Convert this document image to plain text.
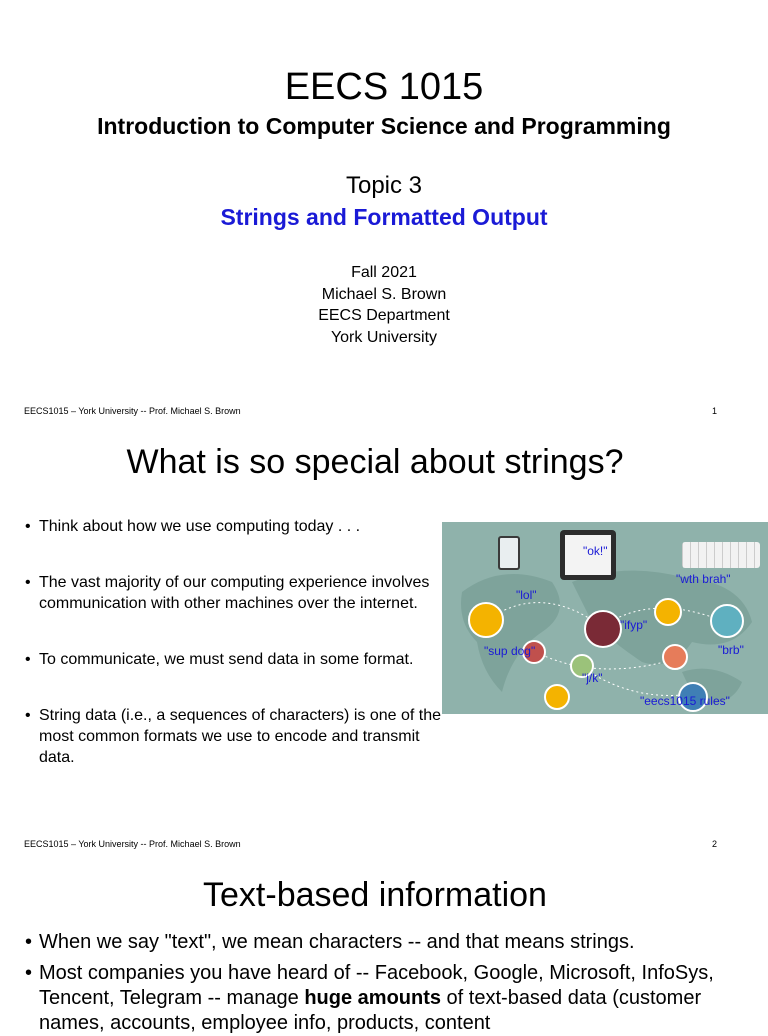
EECS 1015
Introduction to Computer Science and Programming
Topic 3
Strings and Formatted Output
Fall 2021
Michael S. Brown
EECS Department
York University
EECS1015 – York University -- Prof. Michael S. Brown	1
What is so special about strings?
• Think about how we use computing today . . .
• The vast majority of our computing experience involves communication with other machines over the internet.
• To communicate, we must send data in some format.
• String data (i.e., a sequences of characters) is one of the most common formats we use to encode and transmit data.
"ok!"
"wth brah"
"lol"
"ifyp"
"sup dog"	"brb"
"j/k"
"eecs1015 rules"
EECS1015 – York University -- Prof. Michael S. Brown	2
Text-based information
• When we say "text", we mean characters -- and that means strings.
• Most companies you have heard of -- Facebook, Google, Microsoft, InfoSys, Tencent, Telegram -- manage huge amounts of text-based data (customer names, accounts, employee info, products, content
